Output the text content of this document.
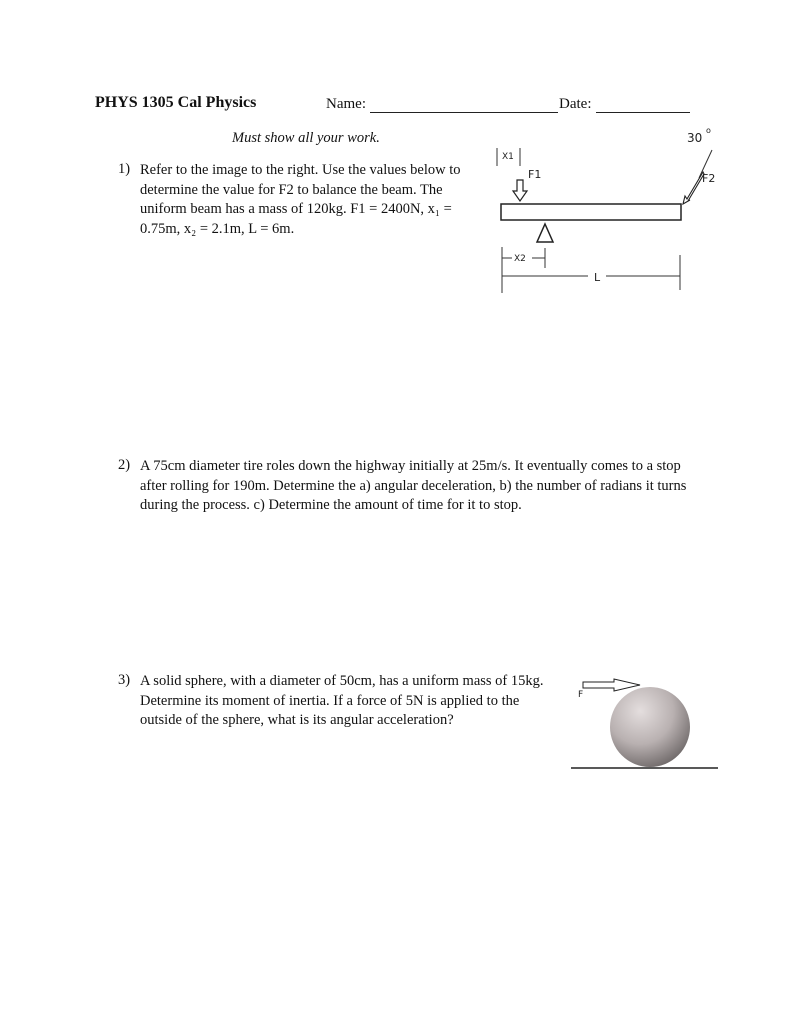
PHYS 1305 Cal Physics	Name:	Date:
Must show all your work.
1) Refer to the image to the right. Use the values below to determine the value for F2 to balance the beam. The uniform beam has a mass of 120kg. F1 = 2400N, x₁ = 0.75m, x₂ = 2.1m, L = 6m.
2) A 75cm diameter tire roles down the highway initially at 25m/s. It eventually comes to a stop after rolling for 190m. Determine the a) angular deceleration, b) the number of radians it turns during the process. c) Determine the amount of time for it to stop.
3) A solid sphere, with a diameter of 50cm, has a uniform mass of 15kg. Determine its moment of inertia. If a force of 5N is applied to the outside of the sphere, what is its angular acceleration?
X1
F1	F2
30
o
X2
L
F
